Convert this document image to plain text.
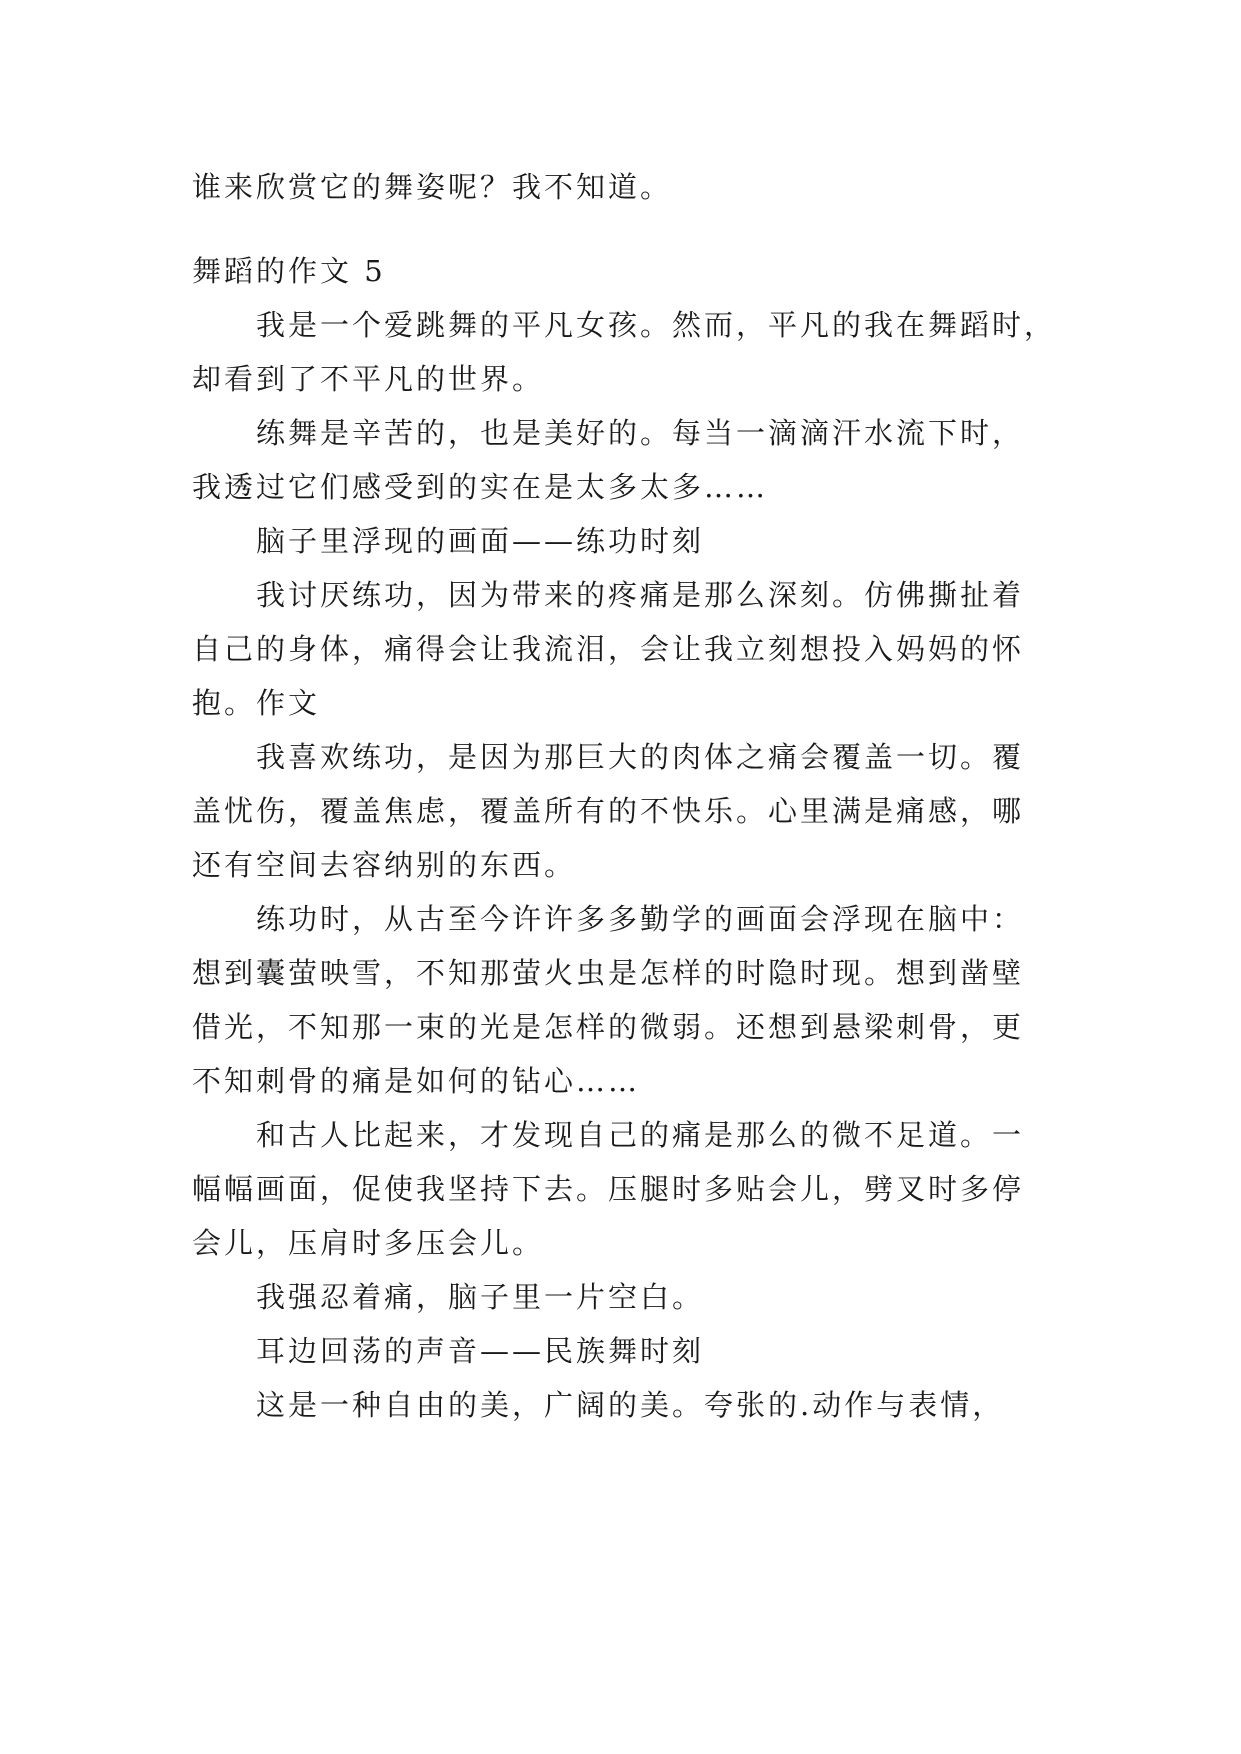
谁来欣赏它的舞姿呢？我不知道。
舞蹈的作文 5
我是一个爱跳舞的平凡女孩。然而，平凡的我在舞蹈时，
却看到了不平凡的世界。
练舞是辛苦的，也是美好的。每当一滴滴汗水流下时，
我透过它们感受到的实在是太多太多……
脑子里浮现的画面——练功时刻
我讨厌练功，因为带来的疼痛是那么深刻。仿佛撕扯着
自己的身体，痛得会让我流泪，会让我立刻想投入妈妈的怀
抱。作文
我喜欢练功，是因为那巨大的肉体之痛会覆盖一切。覆
盖忧伤，覆盖焦虑，覆盖所有的不快乐。心里满是痛感，哪
还有空间去容纳别的东西。
练功时，从古至今许许多多勤学的画面会浮现在脑中：
想到囊萤映雪，不知那萤火虫是怎样的时隐时现。想到凿壁
借光，不知那一束的光是怎样的微弱。还想到悬梁刺骨，更
不知刺骨的痛是如何的钻心……
和古人比起来，才发现自己的痛是那么的微不足道。一
幅幅画面，促使我坚持下去。压腿时多贴会儿，劈叉时多停
会儿，压肩时多压会儿。
我强忍着痛，脑子里一片空白。
耳边回荡的声音——民族舞时刻
这是一种自由的美，广阔的美。夸张的.动作与表情，
